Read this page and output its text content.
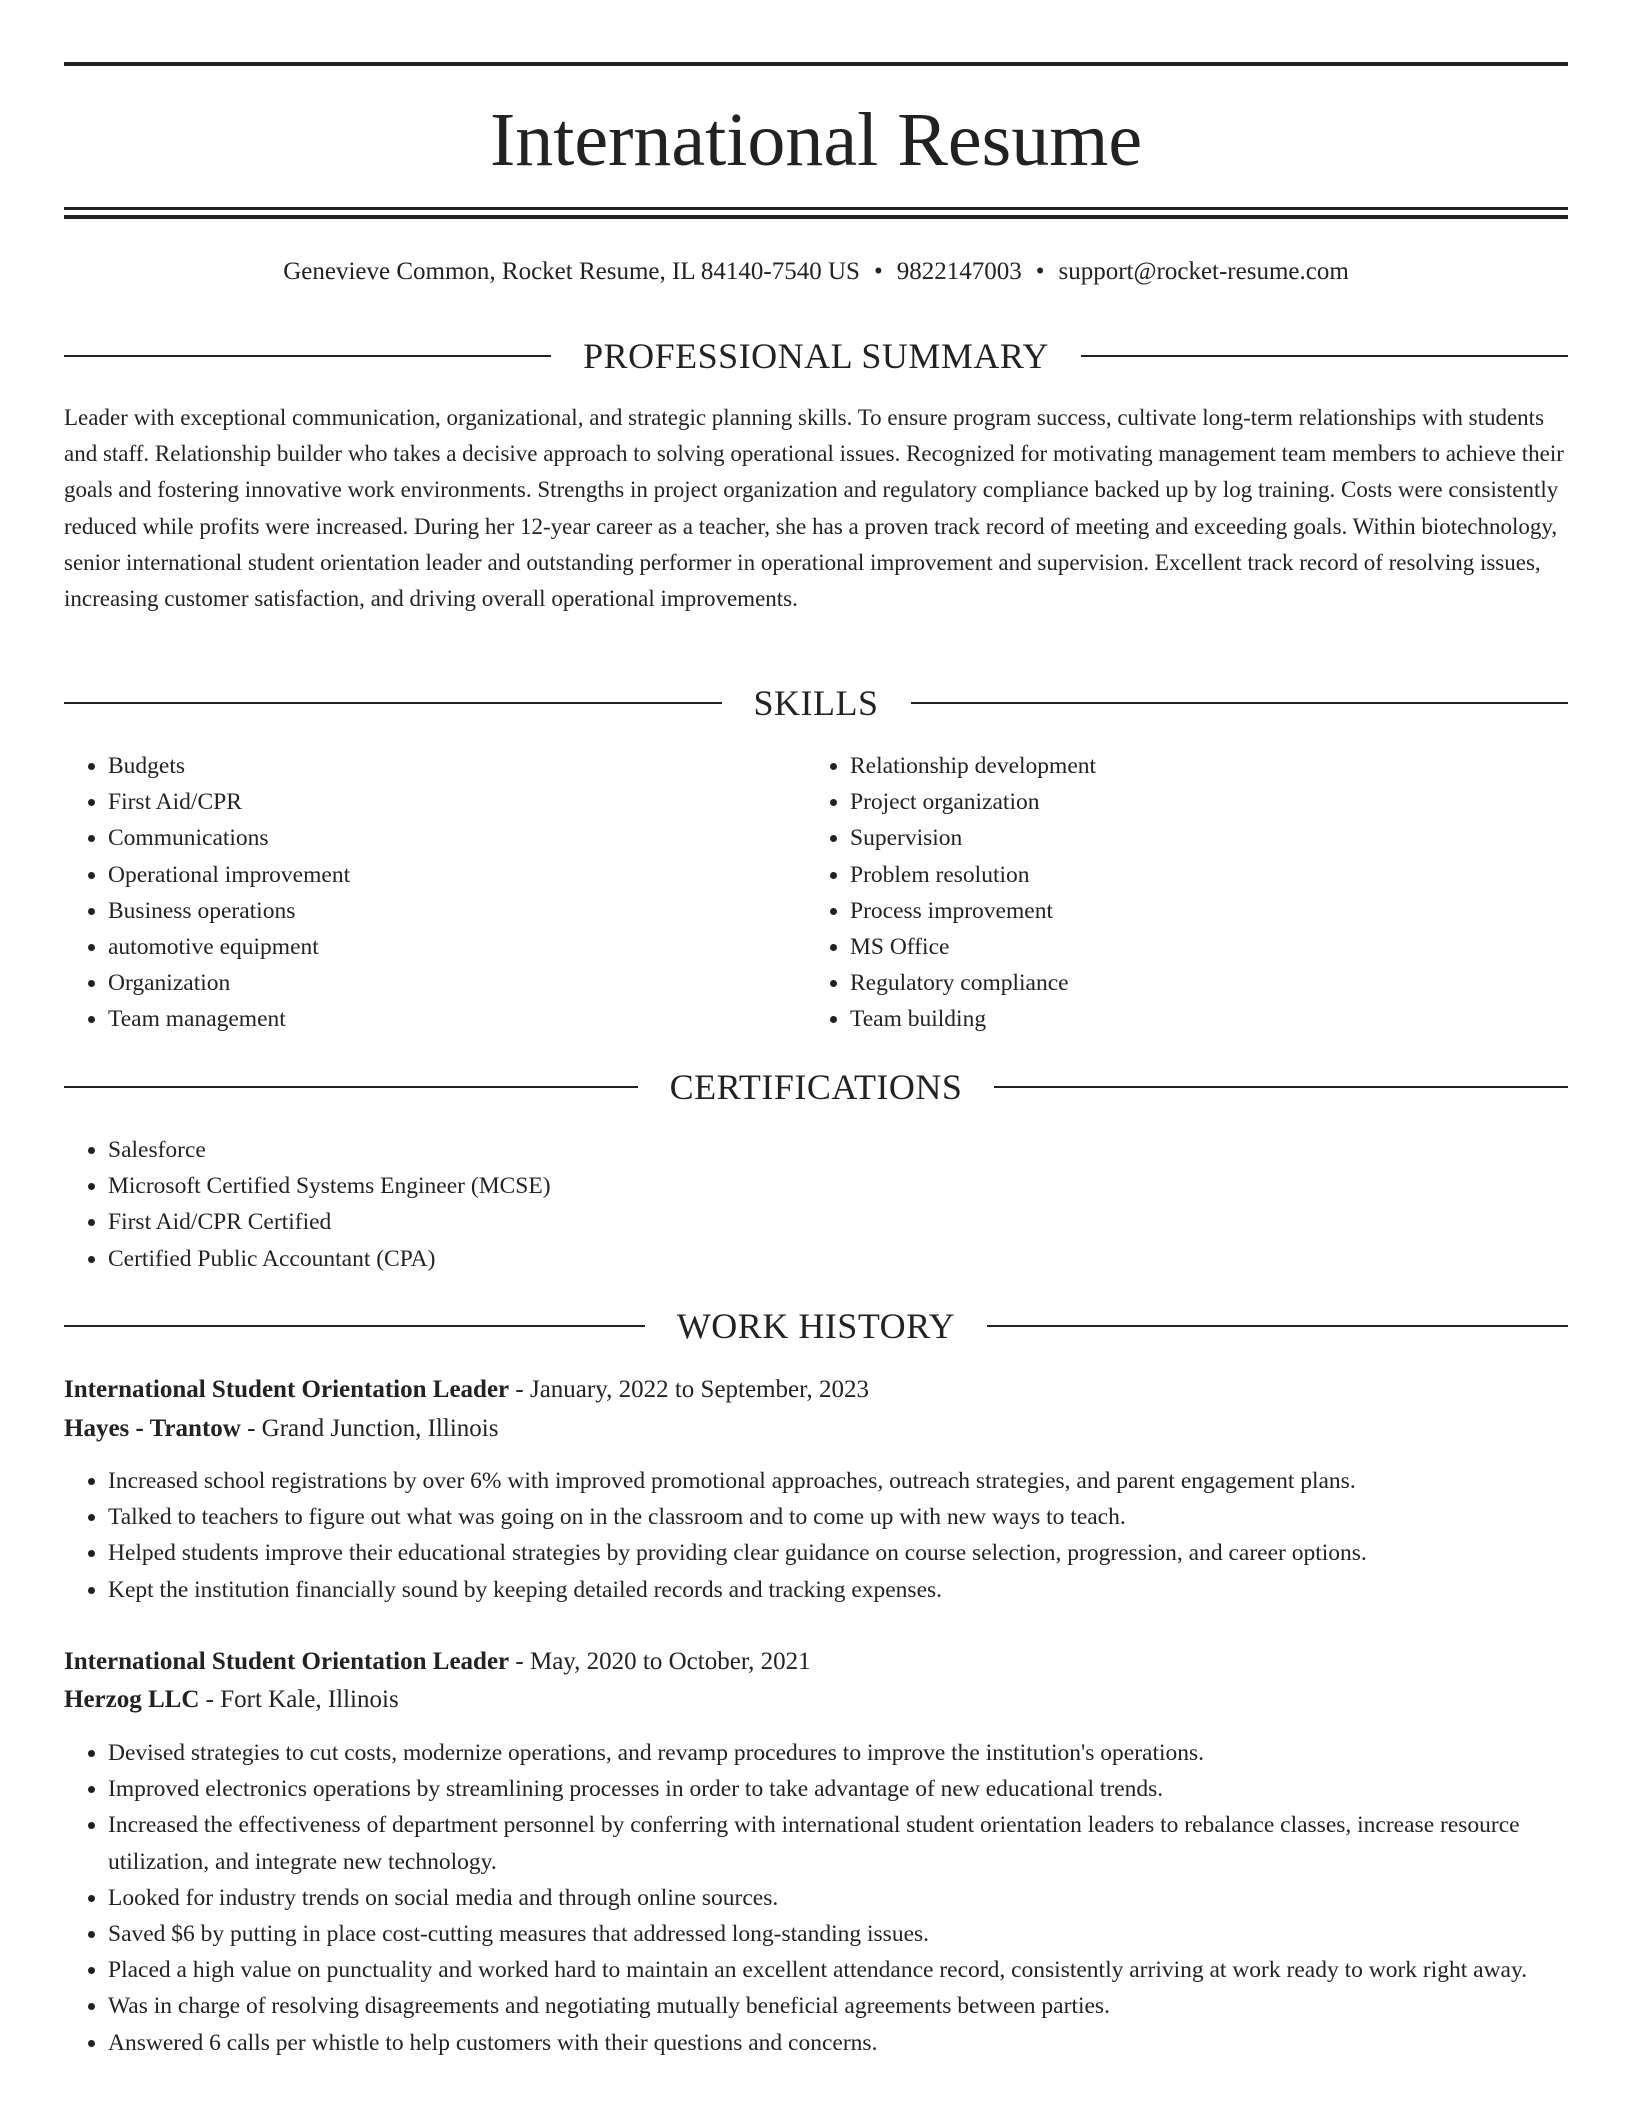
International Resume
Genevieve Common, Rocket Resume, IL 84140-7540 US • 9822147003 • support@rocket-resume.com
PROFESSIONAL SUMMARY

Leader with exceptional communication, organizational, and strategic planning skills. To ensure program success, cultivate long-term relationships with students and staff. Relationship builder who takes a decisive approach to solving operational issues. Recognized for motivating management team members to achieve their goals and fostering innovative work environments. Strengths in project organization and regulatory compliance backed up by log training. Costs were consistently reduced while profits were increased. During her 12-year career as a teacher, she has a proven track record of meeting and exceeding goals. Within biotechnology, senior international student orientation leader and outstanding performer in operational improvement and supervision. Excellent track record of resolving issues, increasing customer satisfaction, and driving overall operational improvements.

SKILLS
• Budgets
• First Aid/CPR
• Communications
• Operational improvement
• Business operations
• automotive equipment
• Organization
• Team management
• Relationship development
• Project organization
• Supervision
• Problem resolution
• Process improvement
• MS Office
• Regulatory compliance
• Team building
CERTIFICATIONS
• Salesforce
• Microsoft Certified Systems Engineer (MCSE)
• First Aid/CPR Certified
• Certified Public Accountant (CPA)
WORK HISTORY
International Student Orientation Leader - January, 2022 to September, 2023
Hayes - Trantow - Grand Junction, Illinois
• Increased school registrations by over 6% with improved promotional approaches, outreach strategies, and parent engagement plans.
• Talked to teachers to figure out what was going on in the classroom and to come up with new ways to teach.
• Helped students improve their educational strategies by providing clear guidance on course selection, progression, and career options.
• Kept the institution financially sound by keeping detailed records and tracking expenses.
International Student Orientation Leader - May, 2020 to October, 2021
Herzog LLC - Fort Kale, Illinois
• Devised strategies to cut costs, modernize operations, and revamp procedures to improve the institution's operations.
• Improved electronics operations by streamlining processes in order to take advantage of new educational trends.
• Increased the effectiveness of department personnel by conferring with international student orientation leaders to rebalance classes, increase resource utilization, and integrate new technology.
• Looked for industry trends on social media and through online sources.
• Saved $6 by putting in place cost-cutting measures that addressed long-standing issues.
• Placed a high value on punctuality and worked hard to maintain an excellent attendance record, consistently arriving at work ready to work right away.
• Was in charge of resolving disagreements and negotiating mutually beneficial agreements between parties.
• Answered 6 calls per whistle to help customers with their questions and concerns.
